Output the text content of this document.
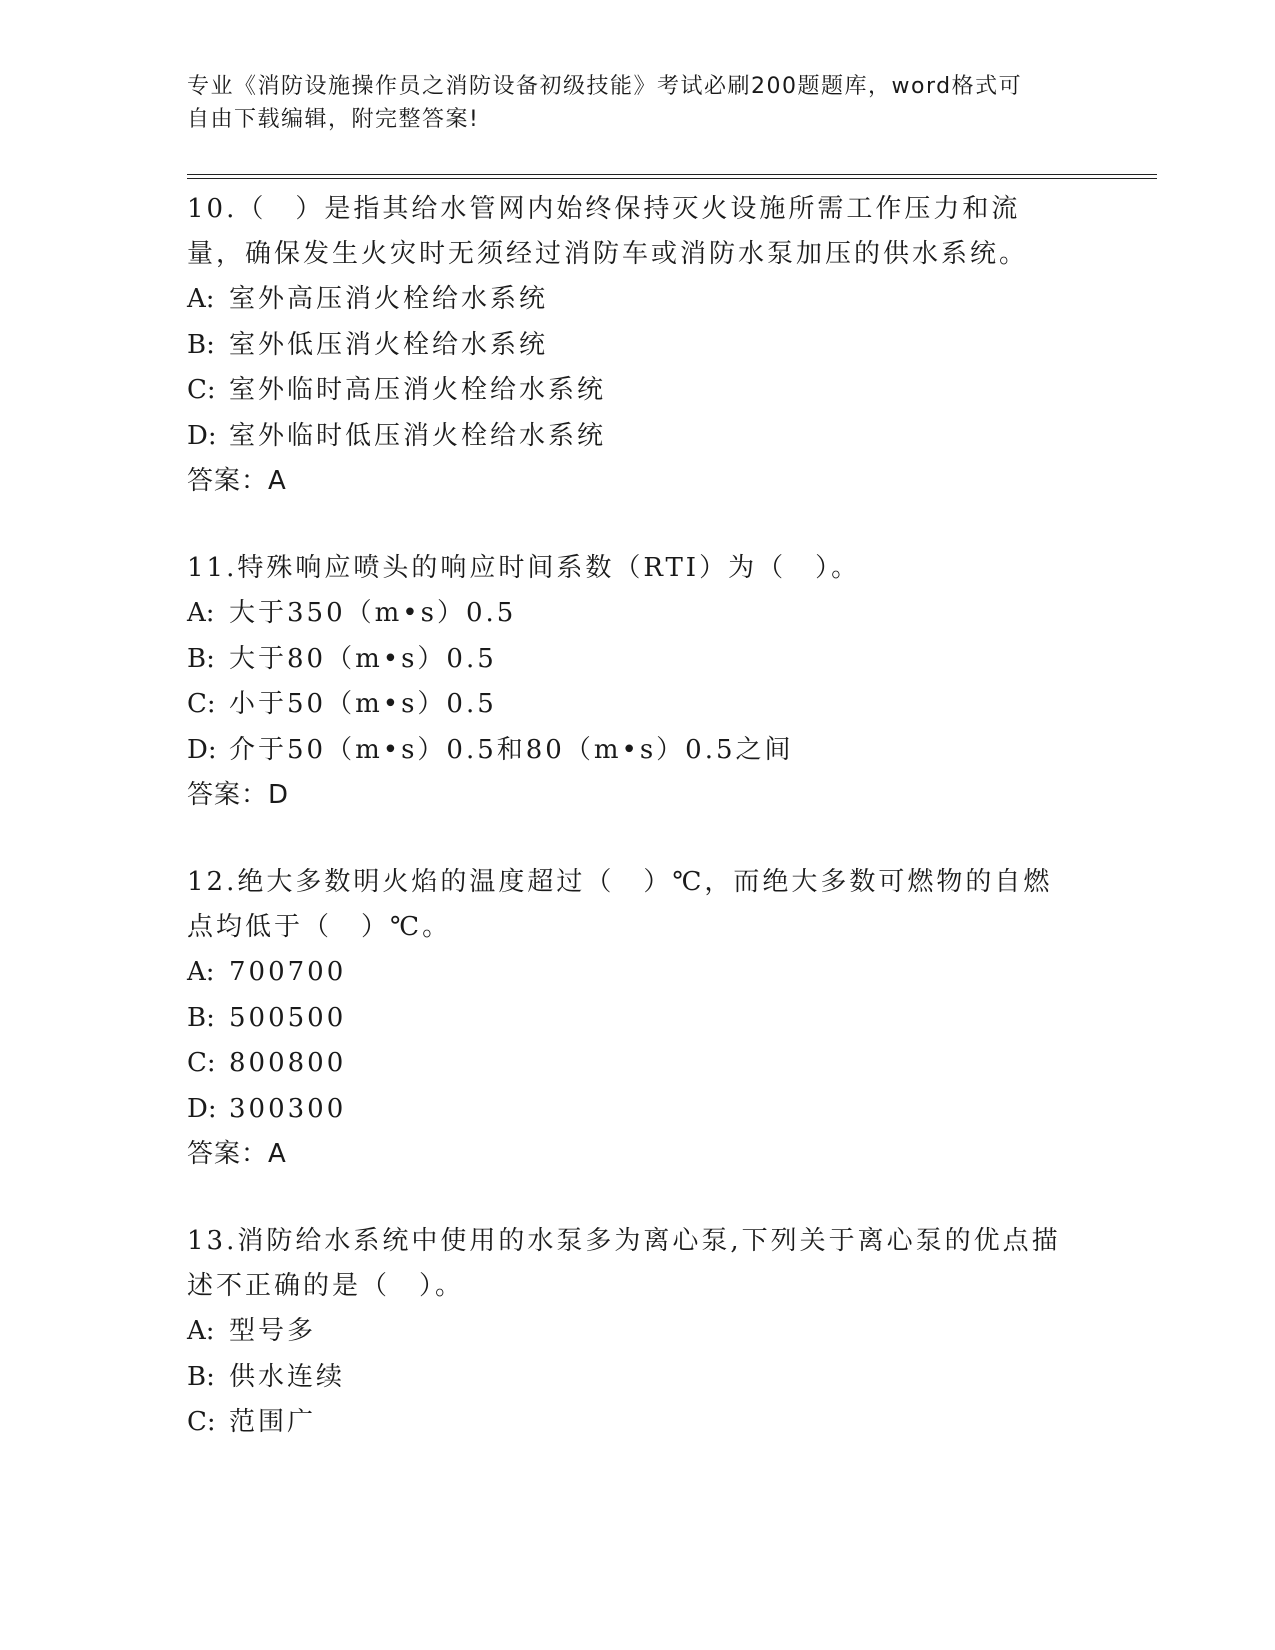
专业《消防设施操作员之消防设备初级技能》考试必刷200题题库，word格式可
自由下载编辑，附完整答案!
10.（　）是指其给水管网内始终保持灭火设施所需工作压力和流量，确保发生火灾时无须经过消防车或消防水泵加压的供水系统。
A: 室外高压消火栓给水系统
B: 室外低压消火栓给水系统
C: 室外临时高压消火栓给水系统
D: 室外临时低压消火栓给水系统
答案：A
11.特殊响应喷头的响应时间系数（RTI）为（　）。
A: 大于350（m•s）0.5
B: 大于80（m•s）0.5
C: 小于50（m•s）0.5
D: 介于50（m•s）0.5和80（m•s）0.5之间
答案：D
12.绝大多数明火焰的温度超过（　）℃，而绝大多数可燃物的自燃点均低于（　）℃。
A: 700700
B: 500500
C: 800800
D: 300300
答案：A
13.消防给水系统中使用的水泵多为离心泵,下列关于离心泵的优点描述不正确的是（　）。
A: 型号多
B: 供水连续
C: 范围广
